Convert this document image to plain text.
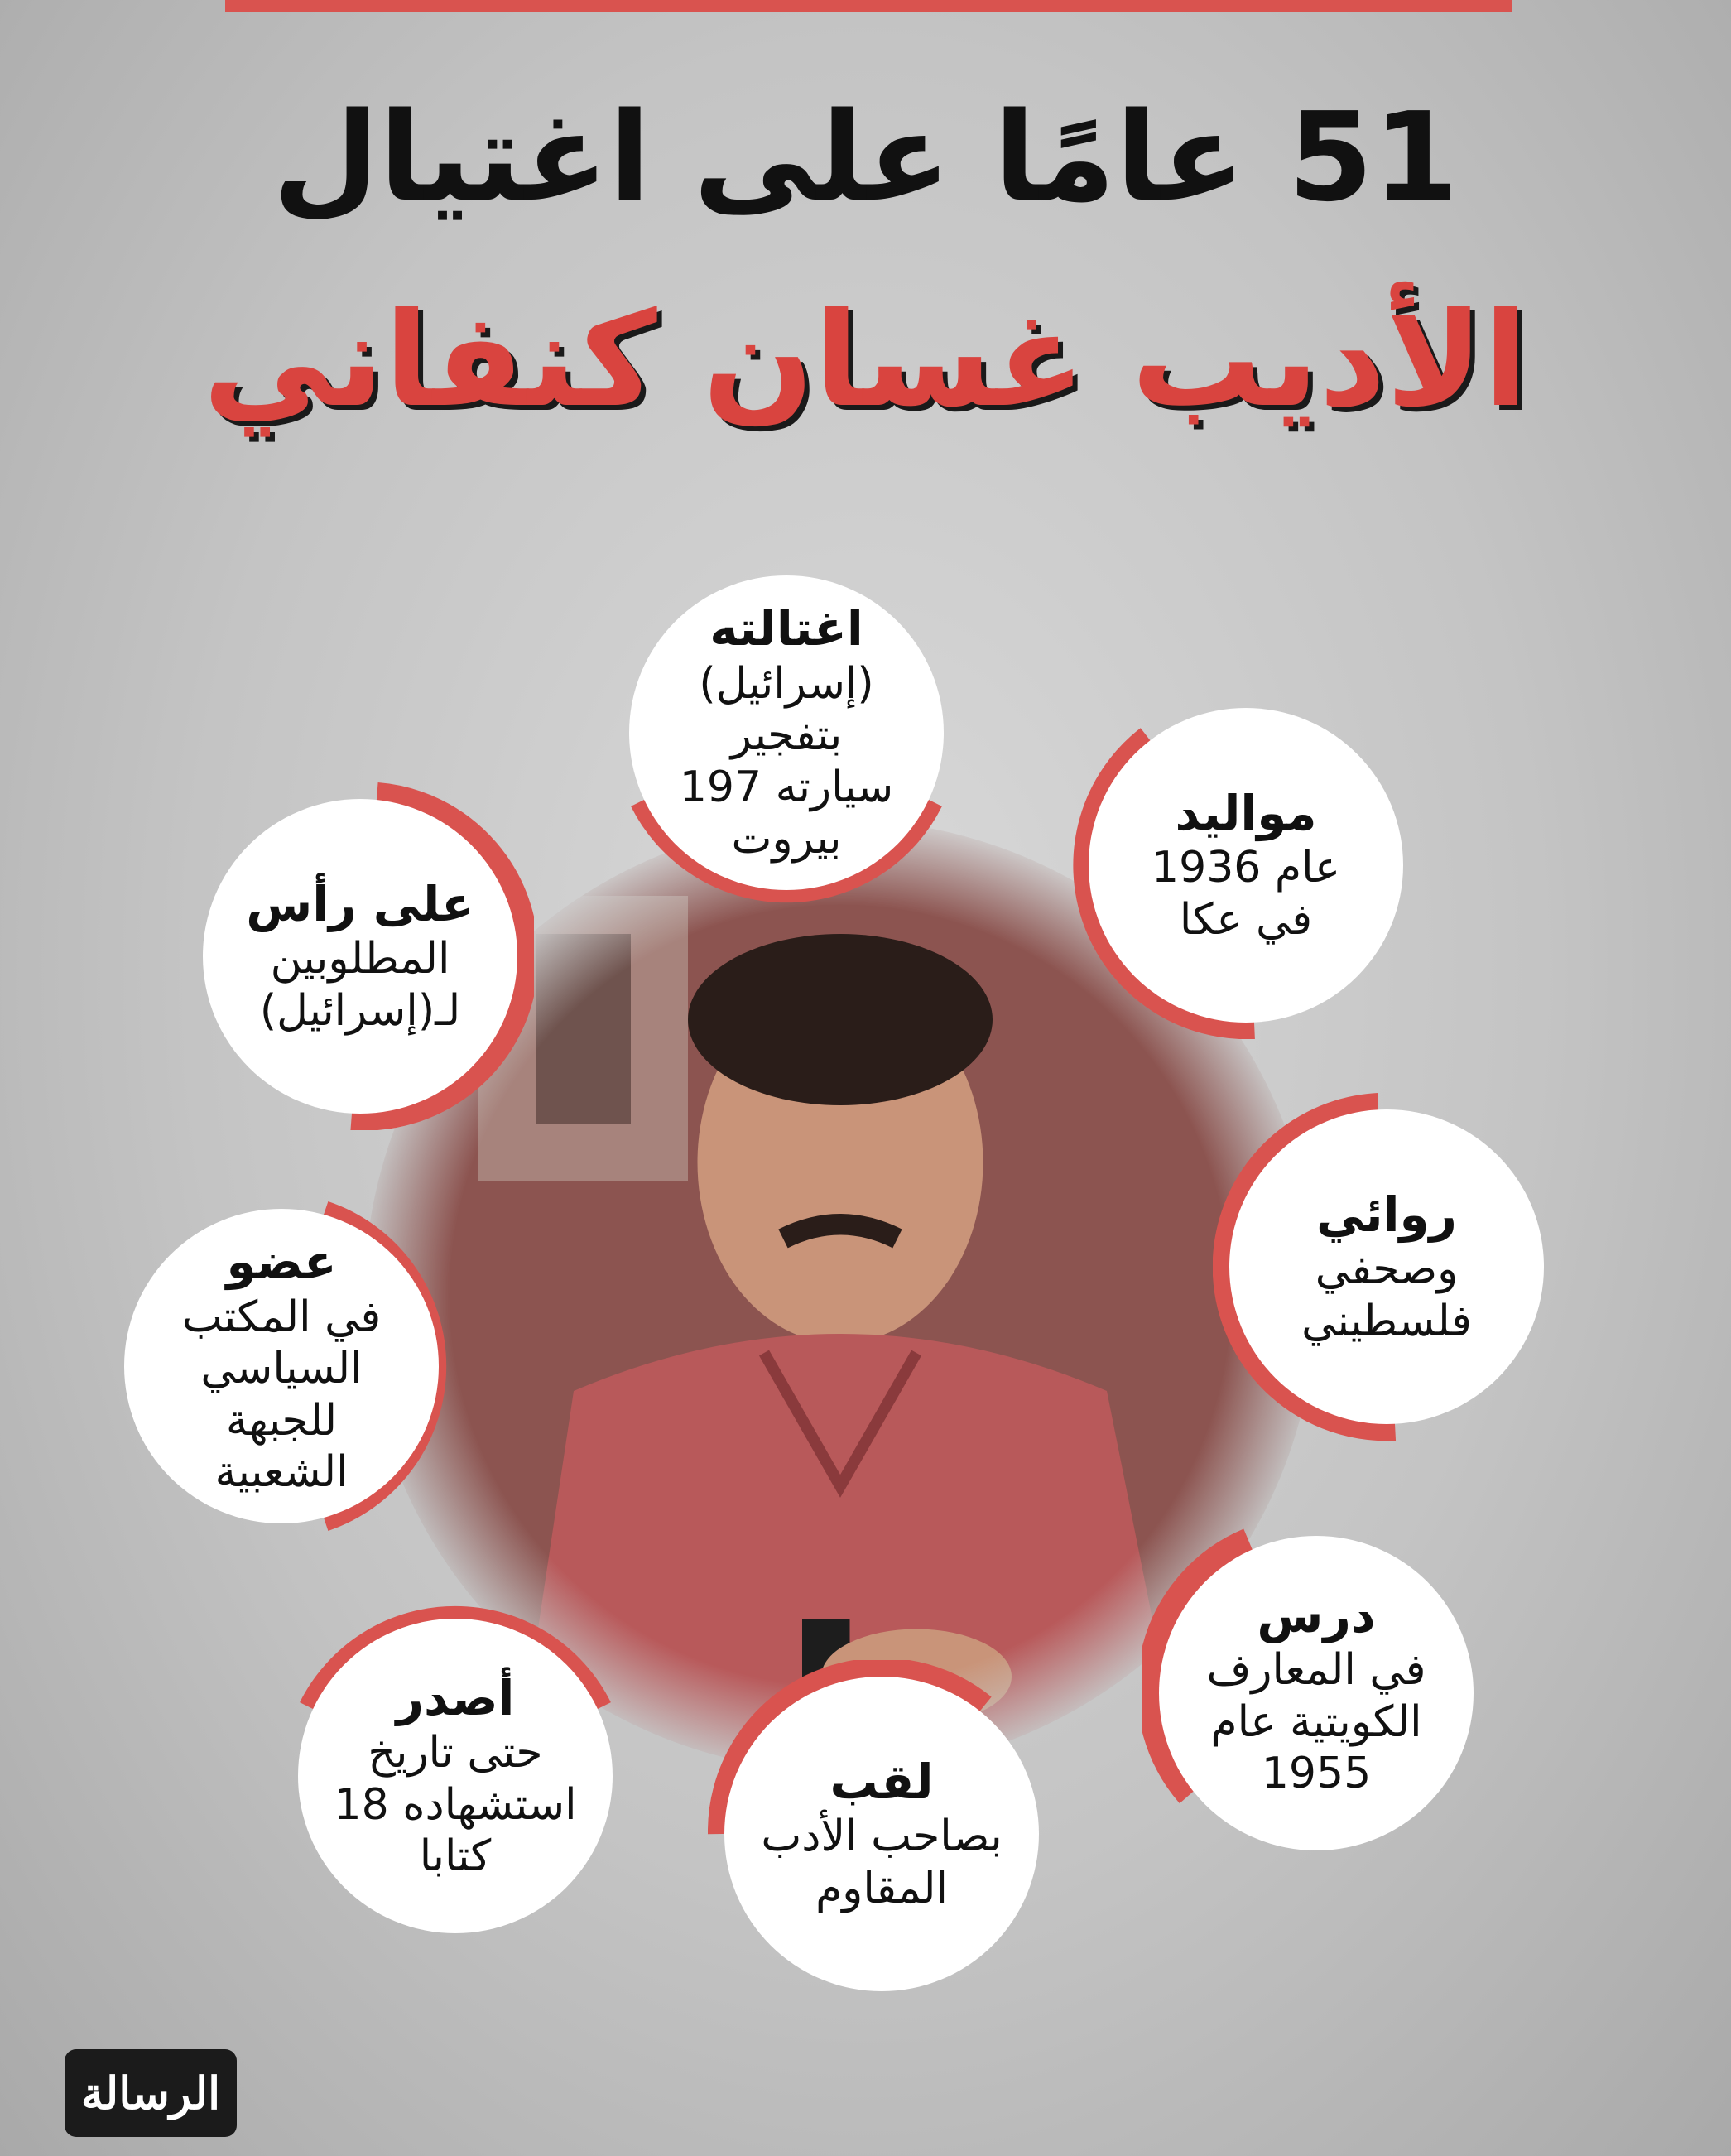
51 عامًا على اغتيال
الأديب غسان كنفاني
اغتالته
(إسرائيل) بتفجير
سيارته 197
بيروت	مواليد
عام 1936
في عكا
على رأس
المطلوبين
لـ(إسرائيل)
روائي
وصحفي
فلسطيني
عضو
في المكتب
السياسي للجبهة
الشعبية
درس
في المعارف
الكويتية عام
1955
أصدر
حتى تاريخ
استشهاده 18
كتابا
لقب
بصاحب الأدب
المقاوم
الرسالة
